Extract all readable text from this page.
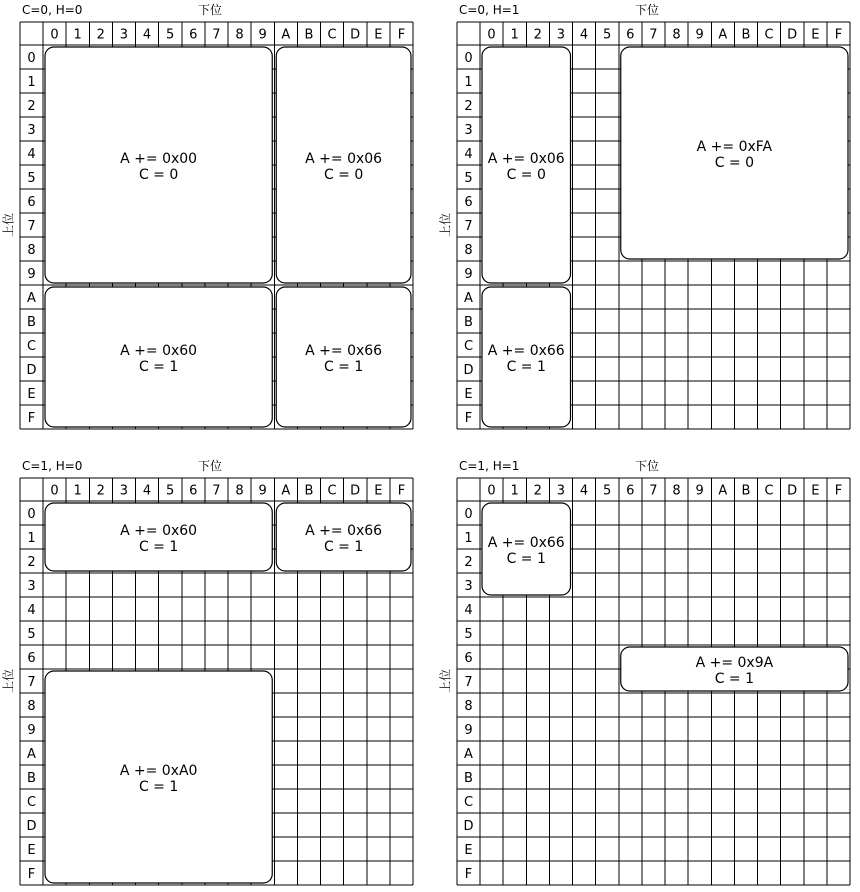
C=0, H=0	下位
上位
0 1 2 3 4 5 6 7 8 9 A B C D E F
0
1
2
3
4
5
6
7
8
9
A
B
C
D
E
F
A += 0x00
C = 0
A += 0x06
C = 0
A += 0x60
C = 1
A += 0x66
C = 1
C=0, H=1	下位
上位
0 1 2 3 4 5 6 7 8 9 A B C D E F
0
1
2
3
4
5
6
7
8
9
A
B
C
D
E
F
A += 0x06
C = 0
A += 0xFA
C = 0
A += 0x66
C = 1
C=1, H=0	下位
上位
0 1 2 3 4 5 6 7 8 9 A B C D E F
0
1
2
3
4
5
6
7
8
9
A
B
C
D
E
F
A += 0x60
C = 1
A += 0x66
C = 1
A += 0xA0
C = 1
C=1, H=1	下位
上位
0 1 2 3 4 5 6 7 8 9 A B C D E F
0
1
2
3
4
5
6
7
8
9
A
B
C
D
E
F
A += 0x66
C = 1
A += 0x9A
C = 1
